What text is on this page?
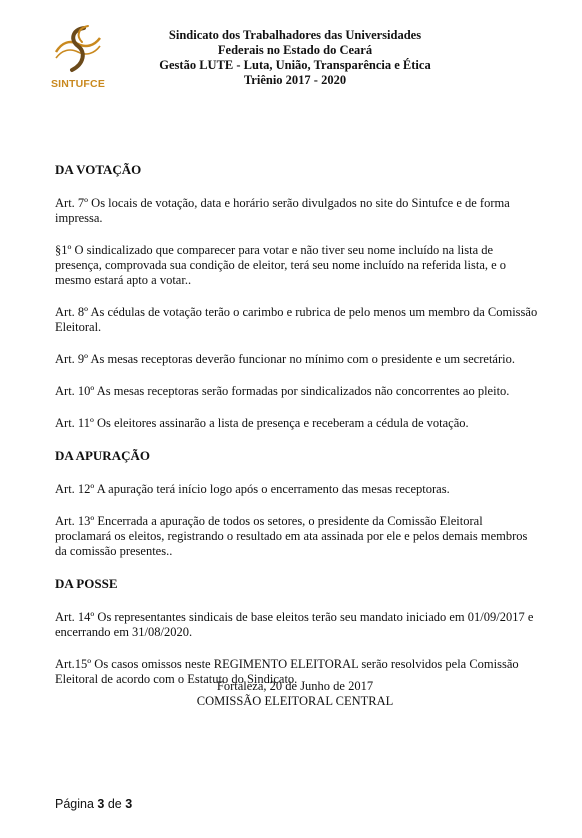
SINTUFCE
Sindicato dos Trabalhadores das Universidades
Federais no Estado do Ceará
Gestão LUTE - Luta, União, Transparência e Ética
Triênio 2017 - 2020
DA VOTAÇÃO
Art. 7º Os locais de votação, data e horário serão divulgados no site do Sintufce e de forma impressa.
§1º O sindicalizado que comparecer para votar e não tiver seu nome incluído na lista de presença, comprovada sua condição de eleitor, terá seu nome incluído na referida lista, e o mesmo estará apto a votar..
Art. 8º As cédulas de votação terão o carimbo e rubrica de pelo menos um membro da Comissão Eleitoral.
Art. 9º As mesas receptoras deverão funcionar no mínimo com o presidente e um secretário.
Art. 10º As mesas receptoras serão formadas por sindicalizados não concorrentes ao pleito.
Art. 11º Os eleitores assinarão a lista de presença e receberam a cédula de votação.
DA APURAÇÃO
Art. 12º A apuração terá início logo após o encerramento das mesas receptoras.
Art. 13º Encerrada a apuração de todos os setores, o presidente da Comissão Eleitoral proclamará os eleitos, registrando o resultado em ata assinada por ele e pelos demais membros da comissão presentes..
DA POSSE
Art. 14º Os representantes sindicais de base eleitos terão seu mandato iniciado em 01/09/2017 e encerrando em 31/08/2020.
Art.15º Os casos omissos neste REGIMENTO ELEITORAL serão resolvidos pela Comissão Eleitoral de acordo com o Estatuto do Sindicato.
Fortaleza, 20 de Junho de 2017
COMISSÃO ELEITORAL CENTRAL
Página 3 de 3
